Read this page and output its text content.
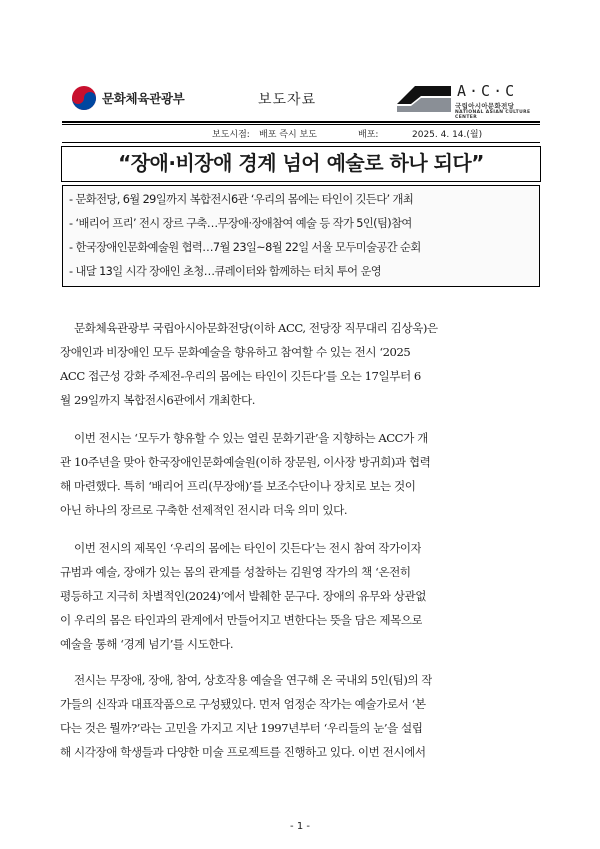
문화체육관광부	보도자료	A·C·C
국립아시아문화전당
NATIONAL ASIAN CULTURE CENTER
보도시점: 배포 즉시 보도	배포:	2025. 4. 14.(월)
“장애·비장애 경계 넘어 예술로 하나 되다”
- 문화전당, 6월 29일까지 복합전시6관 ‘우리의 몸에는 타인이 깃든다’ 개최
- ‘배리어 프리’ 전시 장르 구축…무장애·장애참여 예술 등 작가 5인(팀)참여
- 한국장애인문화예술원 협력…7월 23일~8월 22일 서울 모두미술공간 순회
- 내달 13일 시각 장애인 초청…큐레이터와 함께하는 터치 투어 운영
문화체육관광부 국립아시아문화전당(이하 ACC, 전당장 직무대리 김상욱)은
장애인과 비장애인 모두 문화예술을 향유하고 참여할 수 있는 전시 ‘2025
ACC 접근성 강화 주제전-우리의 몸에는 타인이 깃든다’를 오는 17일부터 6
월 29일까지 복합전시6관에서 개최한다.
이번 전시는 ‘모두가 향유할 수 있는 열린 문화기관’을 지향하는 ACC가 개
관 10주년을 맞아 한국장애인문화예술원(이하 장문원, 이사장 방귀희)과 협력
해 마련했다. 특히 ‘배리어 프리(무장애)’를 보조수단이나 장치로 보는 것이
아닌 하나의 장르로 구축한 선제적인 전시라 더욱 의미 있다.
이번 전시의 제목인 ‘우리의 몸에는 타인이 깃든다’는 전시 참여 작가이자
규범과 예술, 장애가 있는 몸의 관계를 성찰하는 김원영 작가의 책 ‘온전히
평등하고 지극히 차별적인(2024)’에서 발췌한 문구다. 장애의 유무와 상관없
이 우리의 몸은 타인과의 관계에서 만들어지고 변한다는 뜻을 담은 제목으로
예술을 통해 ‘경계 넘기’를 시도한다.
전시는 무장애, 장애, 참여, 상호작용 예술을 연구해 온 국내외 5인(팀)의 작
가들의 신작과 대표작품으로 구성됐있다. 먼저 엄정순 작가는 예술가로서 ‘본
다는 것은 뭘까?’라는 고민을 가지고 지난 1997년부터 ‘우리들의 눈’을 설립
해 시각장애 학생들과 다양한 미술 프로젝트를 진행하고 있다. 이번 전시에서
- 1 -
